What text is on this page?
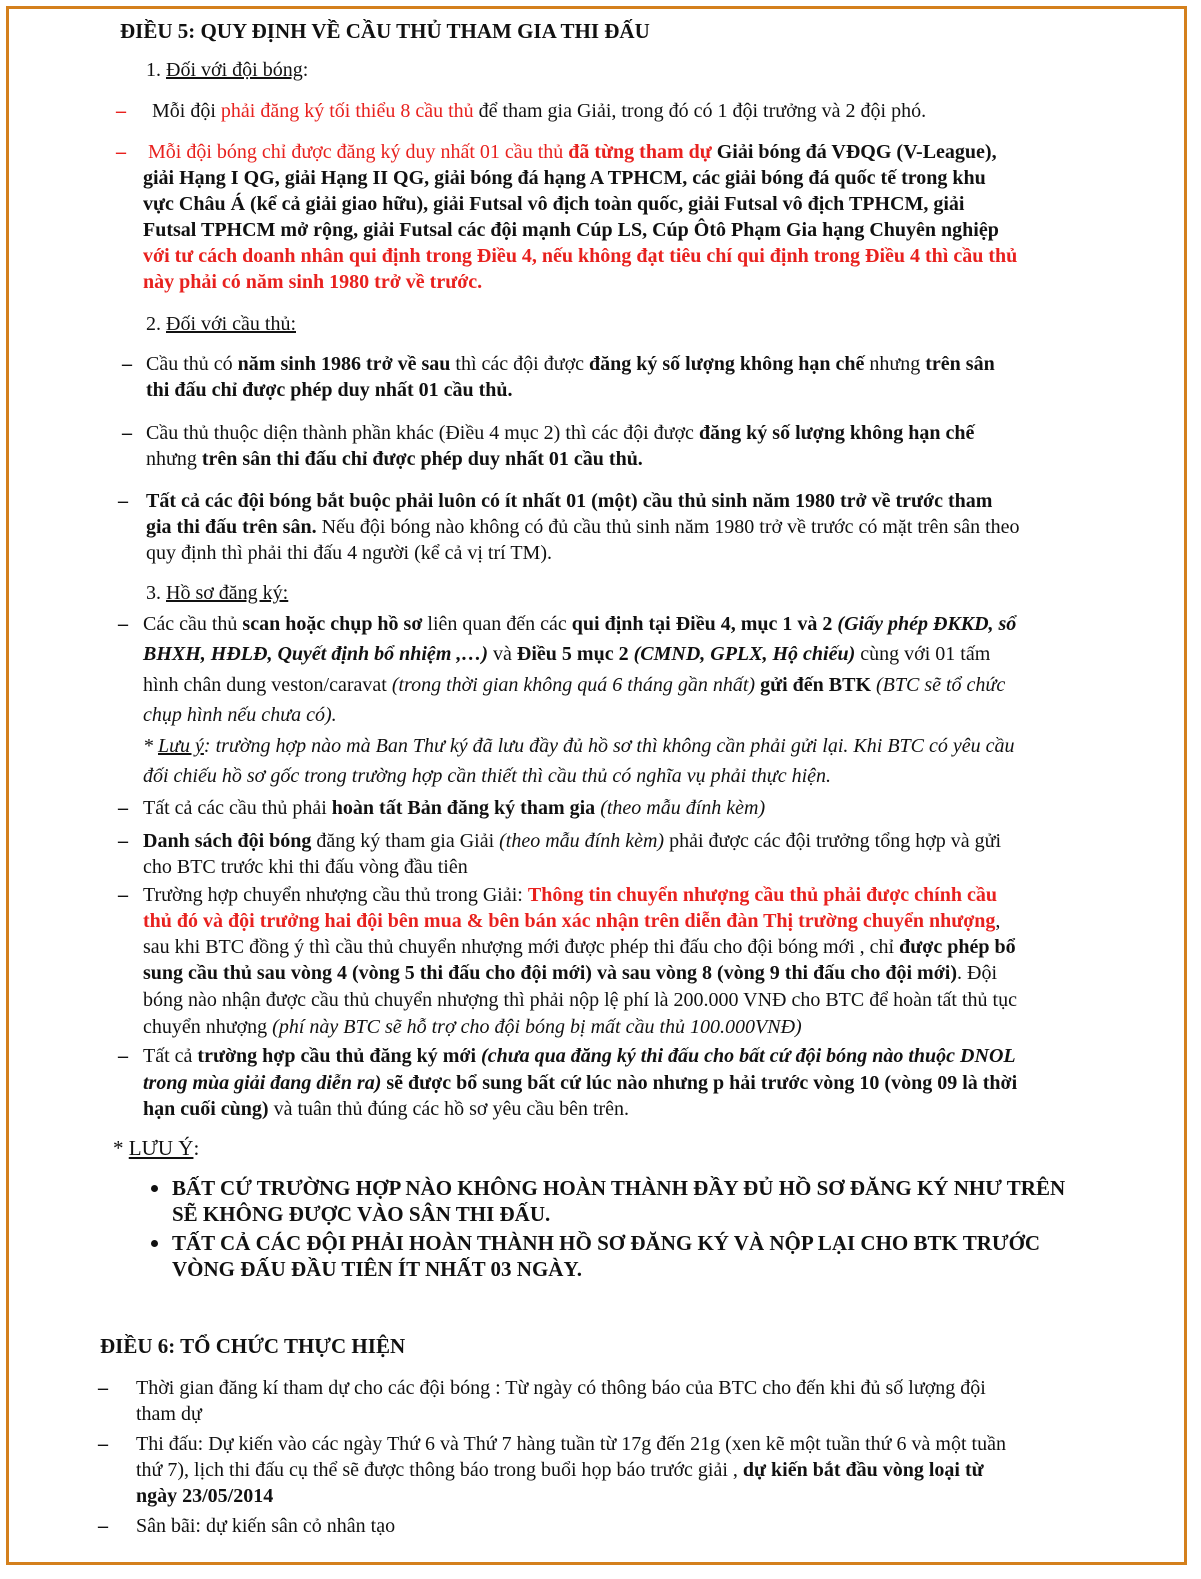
ĐIỀU 5: QUY ĐỊNH VỀ CẦU THỦ THAM GIA THI ĐẤU
1. Đối với đội bóng:
– Mỗi đội phải đăng ký tối thiểu 8 cầu thủ để tham gia Giải, trong đó có 1 đội trưởng và 2 đội phó.
– Mỗi đội bóng chỉ được đăng ký duy nhất 01 cầu thủ đã từng tham dự Giải bóng đá VĐQG (V-League),
giải Hạng I QG, giải Hạng II QG, giải bóng đá hạng A TPHCM, các giải bóng đá quốc tế trong khu
vực Châu Á (kể cả giải giao hữu), giải Futsal vô địch toàn quốc, giải Futsal vô địch TPHCM, giải
Futsal TPHCM mở rộng, giải Futsal các đội mạnh Cúp LS, Cúp Ôtô Phạm Gia hạng Chuyên nghiệp
với tư cách doanh nhân qui định trong Điều 4, nếu không đạt tiêu chí qui định trong Điều 4 thì cầu thủ
này phải có năm sinh 1980 trở về trước.
2. Đối với cầu thủ:
– Cầu thủ có năm sinh 1986 trở về sau thì các đội được đăng ký số lượng không hạn chế nhưng trên sân
thi đấu chỉ được phép duy nhất 01 cầu thủ.
– Cầu thủ thuộc diện thành phần khác (Điều 4 mục 2) thì các đội được đăng ký số lượng không hạn chế
nhưng trên sân thi đấu chỉ được phép duy nhất 01 cầu thủ.
– Tất cả các đội bóng bắt buộc phải luôn có ít nhất 01 (một) cầu thủ sinh năm 1980 trở về trước tham
gia thi đấu trên sân. Nếu đội bóng nào không có đủ cầu thủ sinh năm 1980 trở về trước có mặt trên sân theo
quy định thì phải thi đấu 4 người (kể cả vị trí TM).
3. Hồ sơ đăng ký:
– Các cầu thủ scan hoặc chụp hồ sơ liên quan đến các qui định tại Điều 4, mục 1 và 2 (Giấy phép ĐKKD, sổ
BHXH, HĐLĐ, Quyết định bổ nhiệm ,…) và Điều 5 mục 2 (CMND, GPLX, Hộ chiếu) cùng với 01 tấm
hình chân dung veston/caravat (trong thời gian không quá 6 tháng gần nhất) gửi đến BTK (BTC sẽ tổ chức
chụp hình nếu chưa có).
* Lưu ý: trường hợp nào mà Ban Thư ký đã lưu đầy đủ hồ sơ thì không cần phải gửi lại. Khi BTC có yêu cầu
đối chiếu hồ sơ gốc trong trường hợp cần thiết thì cầu thủ có nghĩa vụ phải thực hiện.
– Tất cả các cầu thủ phải hoàn tất Bản đăng ký tham gia (theo mẫu đính kèm)
– Danh sách đội bóng đăng ký tham gia Giải (theo mẫu đính kèm) phải được các đội trưởng tổng hợp và gửi
cho BTC trước khi thi đấu vòng đầu tiên
– Trường hợp chuyển nhượng cầu thủ trong Giải: Thông tin chuyển nhượng cầu thủ phải được chính cầu
thủ đó và đội trưởng hai đội bên mua & bên bán xác nhận trên diễn đàn Thị trường chuyển nhượng,
sau khi BTC đồng ý thì cầu thủ chuyển nhượng mới được phép thi đấu cho đội bóng mới , chỉ được phép bổ
sung cầu thủ sau vòng 4 (vòng 5 thi đấu cho đội mới) và sau vòng 8 (vòng 9 thi đấu cho đội mới). Đội
bóng nào nhận được cầu thủ chuyển nhượng thì phải nộp lệ phí là 200.000 VNĐ cho BTC để hoàn tất thủ tục
chuyển nhượng (phí này BTC sẽ hỗ trợ cho đội bóng bị mất cầu thủ 100.000VNĐ)
– Tất cả trường hợp cầu thủ đăng ký mới (chưa qua đăng ký thi đấu cho bất cứ đội bóng nào thuộc DNOL
trong mùa giải đang diễn ra) sẽ được bổ sung bất cứ lúc nào nhưng p hải trước vòng 10 (vòng 09 là thời
hạn cuối cùng) và tuân thủ đúng các hồ sơ yêu cầu bên trên.
* LƯU Ý:
BẤT CỨ TRƯỜNG HỢP NÀO KHÔNG HOÀN THÀNH ĐẦY ĐỦ HỒ SƠ ĐĂNG KÝ NHƯ TRÊN
SẼ KHÔNG ĐƯỢC VÀO SÂN THI ĐẤU.
TẤT CẢ CÁC ĐỘI PHẢI HOÀN THÀNH HỒ SƠ ĐĂNG KÝ VÀ NỘP LẠI CHO BTK TRƯỚC
VÒNG ĐẤU ĐẦU TIÊN ÍT NHẤT 03 NGÀY.
ĐIỀU 6: TỔ CHỨC THỰC HIỆN
– Thời gian đăng kí tham dự cho các đội bóng : Từ ngày có thông báo của BTC cho đến khi đủ số lượng đội
tham dự
– Thi đấu: Dự kiến vào các ngày Thứ 6 và Thứ 7 hàng tuần từ 17g đến 21g (xen kẽ một tuần thứ 6 và một tuần
thứ 7), lịch thi đấu cụ thể sẽ được thông báo trong buổi họp báo trước giải , dự kiến bắt đầu vòng loại từ
ngày 23/05/2014
– Sân bãi: dự kiến sân cỏ nhân tạo
